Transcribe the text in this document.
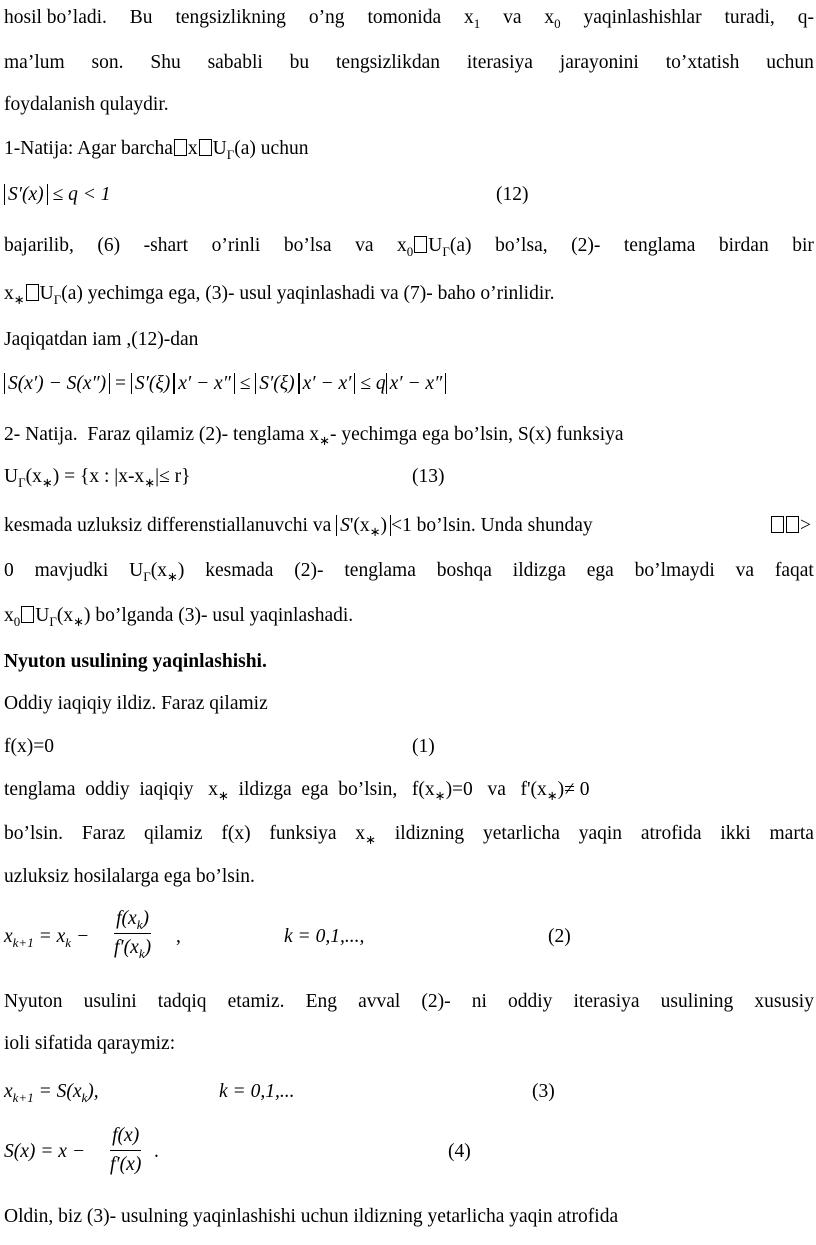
hosil bo’ladi. Bu tengsizlikning o’ng tomonida $x_1$ va $x_0$ yaqinlashishlar turadi, q-
ma’lum son. Shu sababli bu tengsizlikdan iterasiya jarayonini to’xtatish uchun
foydalanish qulaydir.
1-Natija: Agar barcha x $U_Г(a)$ uchun
S′(x) ≤ q < 1	(12)
bajarilib, (6) -shart o’rinli bo’lsa va $x_0$ $U_Г(a)$ bo’lsa, (2)- tenglama birdan bir
$x_∗$ $U_Г(a)$ yechimga ega, (3)- usul yaqinlashadi va (7)- baho o’rinlidir.
Jaqiqatdan iam ,(12)-dan
S(x′) − S(x″) = S′(ξ) x′ − x″ ≤ S′(ξ) x′ − x′ ≤ q x′ − x″
2- Natija. Faraz qilamiz (2)- tenglama $x_∗-$ yechimga ega bo’lsin, S(x) funksiya
$U_Г(x_∗) = \{x$ : $|x-x_∗|\le r$}	(13)
kesmada uzluksiz differenstiallanuvchi va $S'(x_∗) <1$ bo’lsin. Unda shunday	>
0 mavjudki $U_Г(x_∗)$ kesmada (2)- tenglama boshqa ildizga ega bo’lmaydi va faqat
$x_0$ $U_Г(x_∗)$ bo’lganda (3)- usul yaqinlashadi.
Nyuton usulining yaqinlashishi.
Oddiy iaqiqiy ildiz. Faraz qilamiz
f(x)=0	(1)
tenglama oddiy iaqiqiy $x_∗$ ildizga ega bo’lsin, $f(x_∗)=0$ va $f'(x_∗)\ne 0$
bo’lsin. Faraz qilamiz f(x) funksiya $x_∗$ ildizning yetarlicha yaqin atrofida ikki marta
uzluksiz hosilalarga ega bo’lsin.
$x_{k+1} = x_k - \frac{f(x_k)}{f'(x_k)}$ ,	k = 0,1,...,	(2)
Nyuton usulini tadqiq etamiz. Eng avval (2)- ni oddiy iterasiya usulining xususiy
ioli sifatida qaraymiz:
$x_{k+1} = S(x_k)$,	k = 0,1,...	(3)
$S(x) = x - \frac{f(x)}{f'(x)}$ .	(4)
Oldin, biz (3)- usulning yaqinlashishi uchun ildizning yetarlicha yaqin atrofida
